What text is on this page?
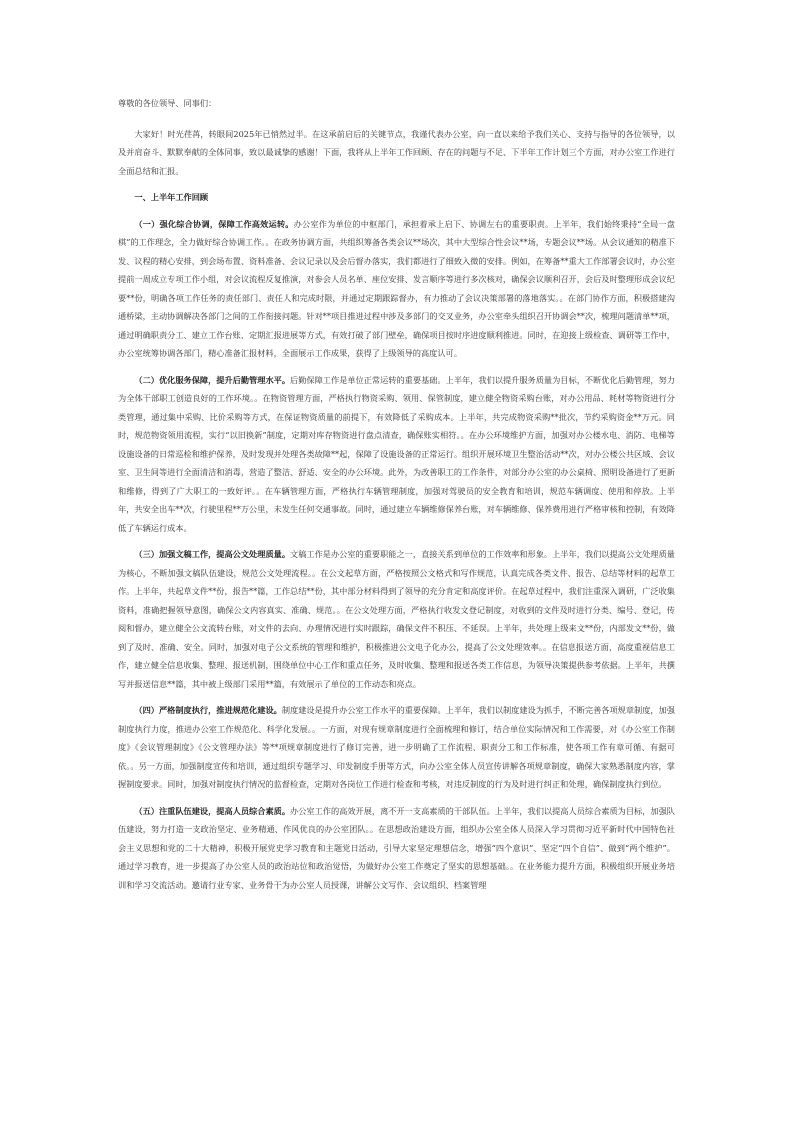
尊敬的各位领导、同事们：

大家好！时光荏苒，转眼间2025年已悄然过半。在这承前启后的关键节点，我谨代表办公室，向一直以来给予我们关心、支持与指导的各位领导，以及并肩奋斗、默默奉献的全体同事，致以最诚挚的感谢！下面，我将从上半年工作回顾、存在的问题与不足、下半年工作计划三个方面，对办公室工作进行全面总结和汇报。

一、上半年工作回顾

（一）强化综合协调，保障工作高效运转。办公室作为单位的中枢部门，承担着承上启下、协调左右的重要职责。上半年，我们始终秉持“全局一盘棋”的工作理念，全力做好综合协调工作。。在政务协调方面，共组织筹备各类会议**场次，其中大型综合性会议**场，专题会议**场。从会议通知的精准下发、议程的精心安排，到会场布置、资料准备、会议记录以及会后督办落实，我们都进行了细致入微的安排。例如，在筹备**重大工作部署会议时，办公室提前一周成立专项工作小组，对会议流程反复推演，对参会人员名单、座位安排、发言顺序等进行多次核对，确保会议顺利召开，会后及时整理形成会议纪要**份，明确各项工作任务的责任部门、责任人和完成时限，并通过定期跟踪督办，有力推动了会议决策部署的落地落实。。在部门协作方面，积极搭建沟通桥梁，主动协调解决各部门之间的工作衔接问题。针对**项目推进过程中涉及多部门的交叉业务，办公室牵头组织召开协调会**次，梳理问题清单**项，通过明确职责分工、建立工作台账、定期汇报进展等方式，有效打破了部门壁垒，确保项目按时序进度顺利推进。同时，在迎接上级检查、调研等工作中，办公室统筹协调各部门，精心准备汇报材料，全面展示工作成果，获得了上级领导的高度认可。

（二）优化服务保障，提升后勤管理水平。后勤保障工作是单位正常运转的重要基础。上半年，我们以提升服务质量为目标，不断优化后勤管理，努力为全体干部职工创造良好的工作环境。。在物资管理方面，严格执行物资采购、领用、保管制度，建立健全物资采购台账，对办公用品、耗材等物资进行分类管理，通过集中采购、比价采购等方式，在保证物资质量的前提下，有效降低了采购成本。上半年，共完成物资采购**批次，节约采购资金**万元。同时，规范物资领用流程，实行“以旧换新”制度，定期对库存物资进行盘点清查，确保账实相符。。在办公环境维护方面，加强对办公楼水电、消防、电梯等设施设备的日常巡检和维护保养，及时发现并处理各类故障**起，保障了设施设备的正常运行。组织开展环境卫生整治活动**次，对办公楼公共区域、会议室、卫生间等进行全面清洁和消毒，营造了整洁、舒适、安全的办公环境。此外，为改善职工的工作条件，对部分办公室的办公桌椅、照明设备进行了更新和维修，得到了广大职工的一致好评。。在车辆管理方面，严格执行车辆管理制度，加强对驾驶员的安全教育和培训，规范车辆调度、使用和停放。上半年，共安全出车**次，行驶里程**万公里，未发生任何交通事故。同时，通过建立车辆维修保养台账，对车辆维修、保养费用进行严格审核和控制，有效降低了车辆运行成本。

（三）加强文稿工作，提高公文处理质量。文稿工作是办公室的重要职能之一，直接关系到单位的工作效率和形象。上半年，我们以提高公文处理质量为核心，不断加强文稿队伍建设，规范公文处理流程。。在公文起草方面，严格按照公文格式和写作规范，认真完成各类文件、报告、总结等材料的起草工作。上半年，共起草文件**份，报告**篇，工作总结**份，其中部分材料得到了领导的充分肯定和高度评价。在起草过程中，我们注重深入调研，广泛收集资料，准确把握领导意图，确保公文内容真实、准确、规范。。在公文处理方面，严格执行收发文登记制度，对收到的文件及时进行分类、编号、登记，传阅和督办，建立健全公文流转台账，对文件的去向、办理情况进行实时跟踪，确保文件不积压、不延误。上半年，共处理上级来文**份，内部发文**份，做到了及时、准确、安全。同时，加强对电子公文系统的管理和维护，积极推进公文电子化办公，提高了公文处理效率。。在信息报送方面，高度重视信息工作，建立健全信息收集、整理、报送机制，围绕单位中心工作和重点任务，及时收集、整理和报送各类工作信息，为领导决策提供参考依据。上半年，共撰写并报送信息**篇，其中被上级部门采用**篇，有效展示了单位的工作动态和亮点。

（四）严格制度执行，推进规范化建设。制度建设是提升办公室工作水平的重要保障。上半年，我们以制度建设为抓手，不断完善各项规章制度，加强制度执行力度，推进办公室工作规范化、科学化发展。。一方面，对现有规章制度进行全面梳理和修订，结合单位实际情况和工作需要，对《办公室工作制度》《会议管理制度》《公文管理办法》等**项规章制度进行了修订完善，进一步明确了工作流程、职责分工和工作标准，使各项工作有章可循、有据可依。。另一方面，加强制度宣传和培训，通过组织专题学习、印发制度手册等方式，向办公室全体人员宣传讲解各项规章制度，确保大家熟悉制度内容，掌握制度要求。同时，加强对制度执行情况的监督检查，定期对各岗位工作进行检查和考核，对违反制度的行为及时进行纠正和处理，确保制度执行到位。

（五）注重队伍建设，提高人员综合素质。办公室工作的高效开展，离不开一支高素质的干部队伍。上半年，我们以提高人员综合素质为目标，加强队伍建设，努力打造一支政治坚定、业务精通、作风优良的办公室团队。。在思想政治建设方面，组织办公室全体人员深入学习贯彻习近平新时代中国特色社会主义思想和党的二十大精神，积极开展党史学习教育和主题党日活动，引导大家坚定理想信念，增强“四个意识”、坚定“四个自信”、做到“两个维护”。通过学习教育，进一步提高了办公室人员的政治站位和政治觉悟，为做好办公室工作奠定了坚实的思想基础。。在业务能力提升方面，积极组织开展业务培训和学习交流活动。邀请行业专家、业务骨干为办公室人员授课，讲解公文写作、会议组织、档案管理
